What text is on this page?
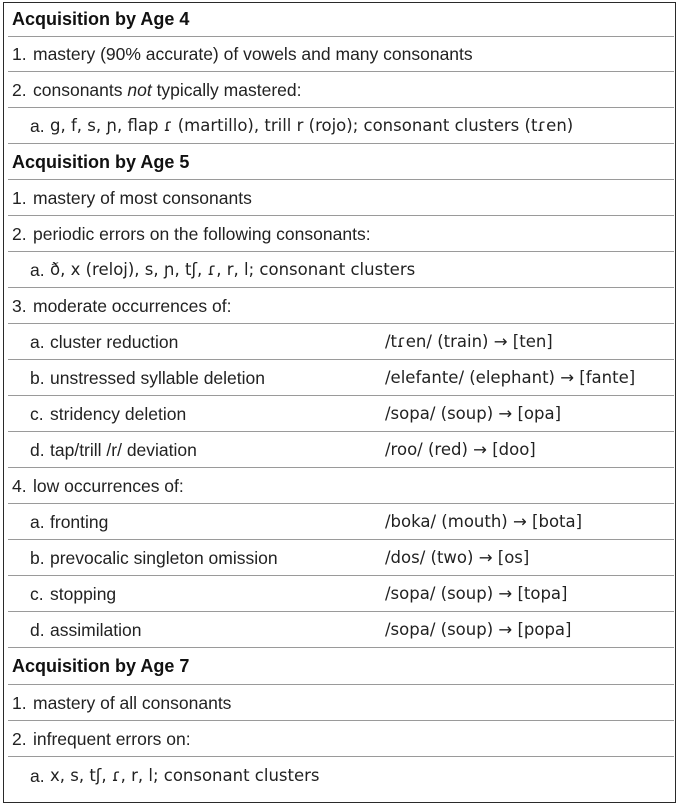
Acquisition by Age 4
1. mastery (90% accurate) of vowels and many consonants
2. consonants not typically mastered:
a. g, f, s, ɲ, flap ɾ (martillo), trill r (rojo); consonant clusters (tɾen)
Acquisition by Age 5
1. mastery of most consonants
2. periodic errors on the following consonants:
a. ð, x (reloj), s, ɲ, tʃ, ɾ, r, l; consonant clusters
3. moderate occurrences of:
a. cluster reduction	/tɾen/ (train) → [ten]
b. unstressed syllable deletion	/elefante/ (elephant) → [fante]
c. stridency deletion	/sopa/ (soup) → [opa]
d. tap/trill /r/ deviation	/roo/ (red) → [doo]
4. low occurrences of:
a. fronting	/boka/ (mouth) → [bota]
b. prevocalic singleton omission	/dos/ (two) → [os]
c. stopping	/sopa/ (soup) → [topa]
d. assimilation	/sopa/ (soup) → [popa]
Acquisition by Age 7
1. mastery of all consonants
2. infrequent errors on:
a. x, s, tʃ, ɾ, r, l; consonant clusters
